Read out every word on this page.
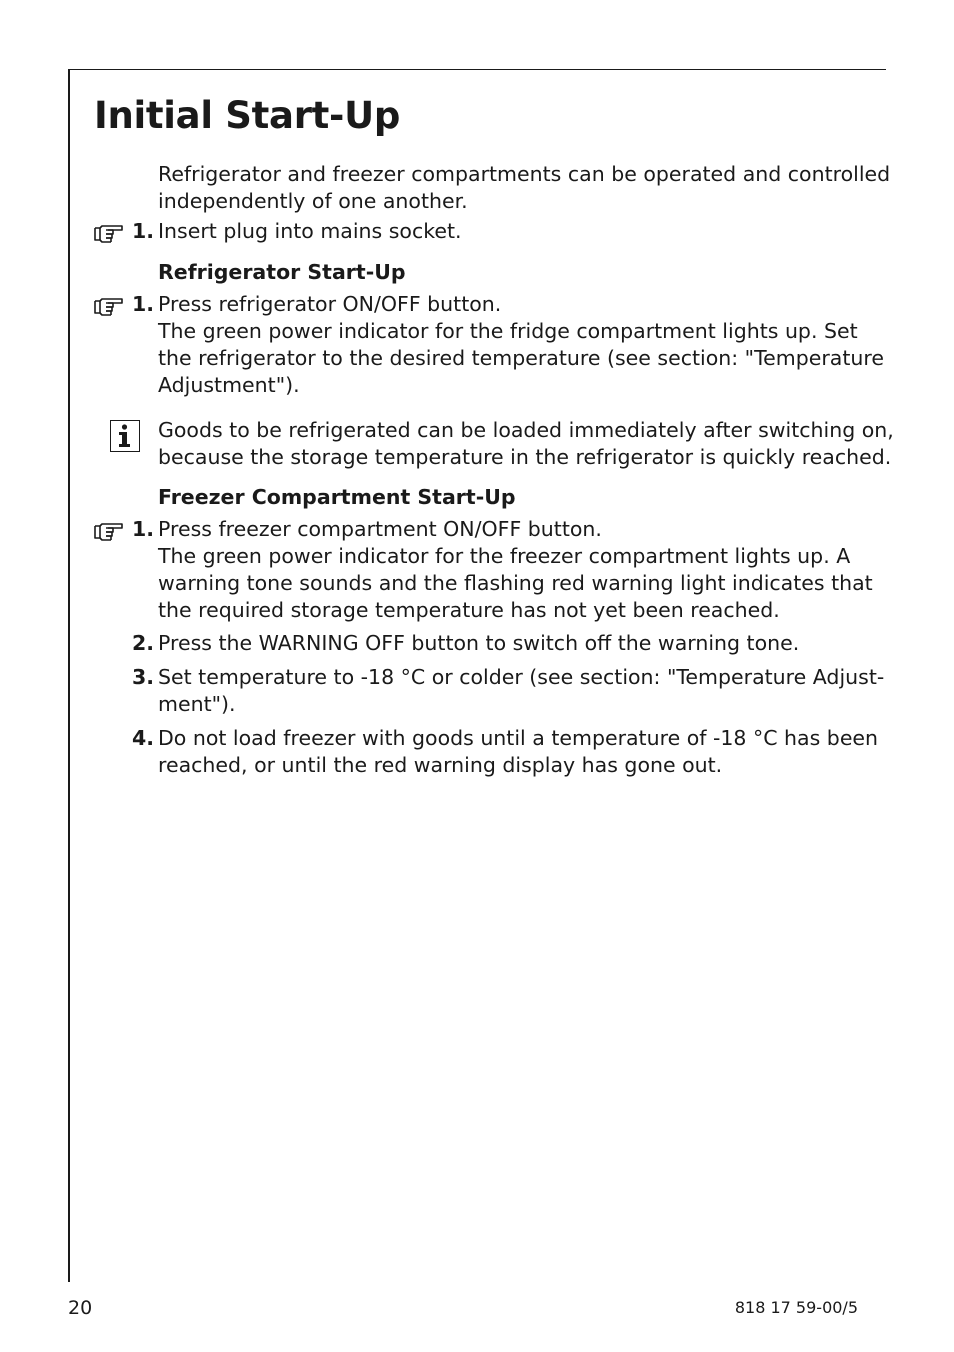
Initial Start-Up
Refrigerator and freezer compartments can be operated and controlled
independently of one another.
1. Insert plug into mains socket.
Refrigerator Start-Up
1. Press refrigerator ON/OFF button.
The green power indicator for the fridge compartment lights up. Set
the refrigerator to the desired temperature (see section: "Temperature
Adjustment").
Goods to be refrigerated can be loaded immediately after switching on,
because the storage temperature in the refrigerator is quickly reached.
Freezer Compartment Start-Up
1. Press freezer compartment ON/OFF button.
The green power indicator for the freezer compartment lights up. A
warning tone sounds and the flashing red warning light indicates that
the required storage temperature has not yet been reached.
2. Press the WARNING OFF button to switch off the warning tone.
3. Set temperature to -18 °C or colder (see section: "Temperature Adjust-
ment").
4. Do not load freezer with goods until a temperature of -18 °C has been
reached, or until the red warning display has gone out.
20	818 17 59-00/5
